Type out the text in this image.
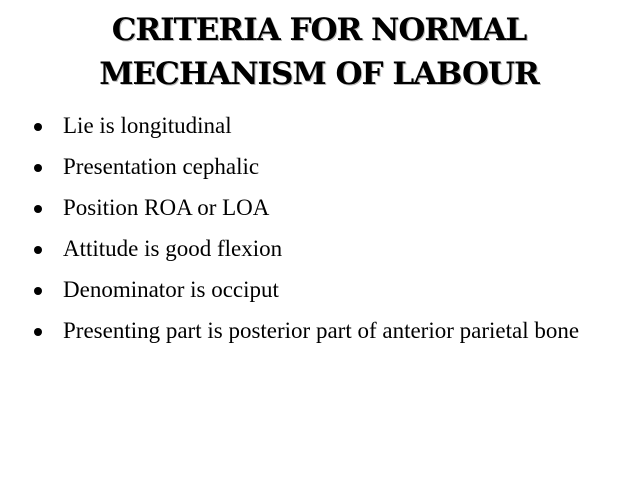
CRITERIA FOR NORMAL
MECHANISM OF LABOUR
Lie is longitudinal
Presentation cephalic
Position ROA or LOA
Attitude is good flexion
Denominator is occiput
Presenting part is posterior part of anterior parietal bone
